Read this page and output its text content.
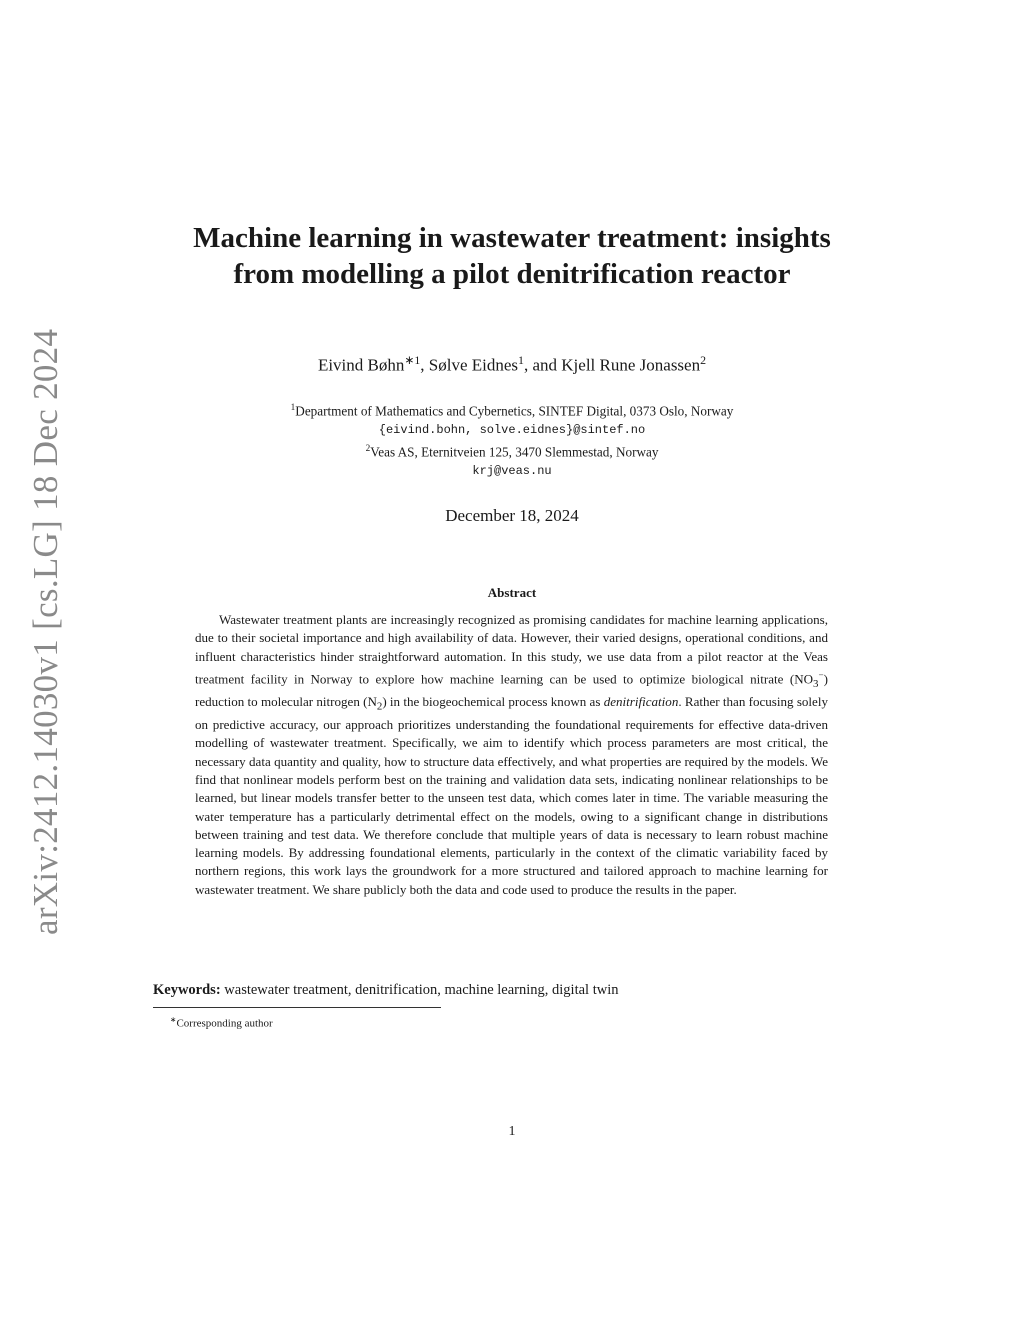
arXiv:2412.14030v1 [cs.LG] 18 Dec 2024
Machine learning in wastewater treatment: insights from modelling a pilot denitrification reactor
Eivind Bøhn$^{∗1}$, Sølve Eidnes$^1$, and Kjell Rune Jonassen$^2$
$^1$Department of Mathematics and Cybernetics, SINTEF Digital, 0373 Oslo, Norway
{eivind.bohn, solve.eidnes}@sintef.no
$^2$Veas AS, Eternitveien 125, 3470 Slemmestad, Norway
krj@veas.nu
December 18, 2024
Abstract

Wastewater treatment plants are increasingly recognized as promising candidates for machine learning applications, due to their societal importance and high availability of data. However, their varied designs, operational conditions, and influent characteristics hinder straightforward automation. In this study, we use data from a pilot reactor at the Veas treatment facility in Norway to explore how machine learning can be used to optimize biological nitrate $(NO_3^-)$ reduction to molecular nitrogen $(N_2)$ in the biogeochemical process known as denitrification. Rather than focusing solely on predictive accuracy, our approach prioritizes understanding the foundational requirements for effective data-driven modelling of wastewater treatment. Specifically, we aim to identify which process parameters are most critical, the necessary data quantity and quality, how to structure data effectively, and what properties are required by the models. We find that nonlinear models perform best on the training and validation data sets, indicating nonlinear relationships to be learned, but linear models transfer better to the unseen test data, which comes later in time. The variable measuring the water temperature has a particularly detrimental effect on the models, owing to a significant change in distributions between training and test data. We therefore conclude that multiple years of data is necessary to learn robust machine learning models. By addressing foundational elements, particularly in the context of the climatic variability faced by northern regions, this work lays the groundwork for a more structured and tailored approach to machine learning for wastewater treatment. We share publicly both the data and code used to produce the results in the paper.

Keywords: wastewater treatment, denitrification, machine learning, digital twin
∗Corresponding author
1
